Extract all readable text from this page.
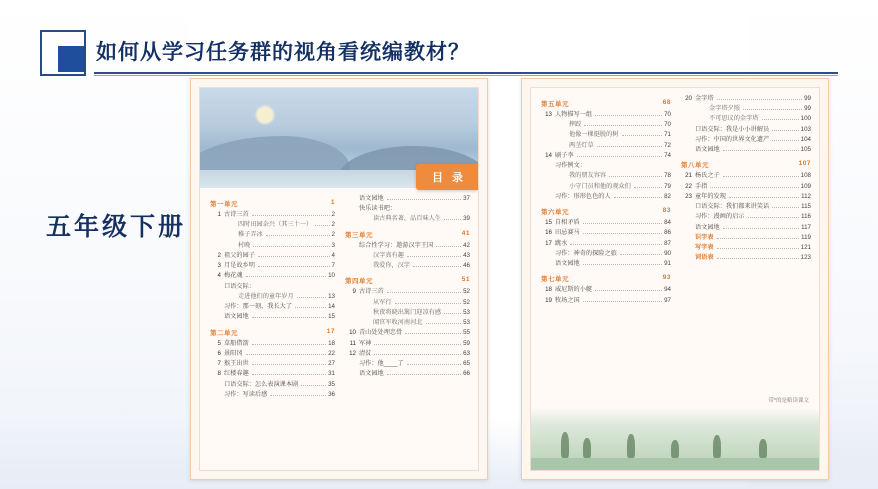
如何从学习任务群的视角看统编教材？
五年级下册
目 录
第一单元	1
1 古诗三首	2
四时田园杂兴（其三十一）	2
稚子弄冰	2
村晚	3
2 祖父的园子	4
3 月是故乡明	7
4 梅花魂	10
口语交际：
走进他们的童年岁月	13
习作：那一刻，我长大了	14
语文园地	15
第二单元	17
5 草船借箭	18
6 景阳冈	22
7 猴王出世	27
8 红楼春趣	31
口语交际：怎么表演课本剧	35
习作：写读后感	36
语文园地	37
快乐读书吧：
读古典名著，品百味人生	39
第三单元	41
综合性学习：遨游汉字王国	42
汉字真有趣	43
我爱你，汉字	46
第四单元	51
9 古诗三首	52
从军行	52
秋夜将晓出篱门迎凉有感	53
闻官军收河南河北	53
10 青山处处埋忠骨	55
11 军神	59
12 清贫	63
习作：他____了	65
语文园地	66
第五单元	68
13 人物描写一组	70
摔跤	70
他像一棵挺脱的树	71
两茎灯草	72
14 刷子李	74
习作例文：
我的朋友容容	78
小守门员和他的观众们	79
习作：形形色色的人	82
第六单元	83
15 自相矛盾	84
16 田忌赛马	86
17 跳水	87
习作：神奇的探险之旅	90
语文园地	91
第七单元	93
18 威尼斯的小艇	94
19 牧场之国	97
20 金字塔	99
金字塔夕照	99
不可思议的金字塔	100
口语交际：我是小小讲解员	103
习作：中国的世界文化遗产	104
语文园地	105
第八单元	107
21 杨氏之子	108
22 手指	109
23 童年的发现	112
口语交际：我们都来讲笑话	115
习作：漫画的启示	116
语文园地	117
识字表	119
写字表	121
词语表	123
带*的是略读课文
